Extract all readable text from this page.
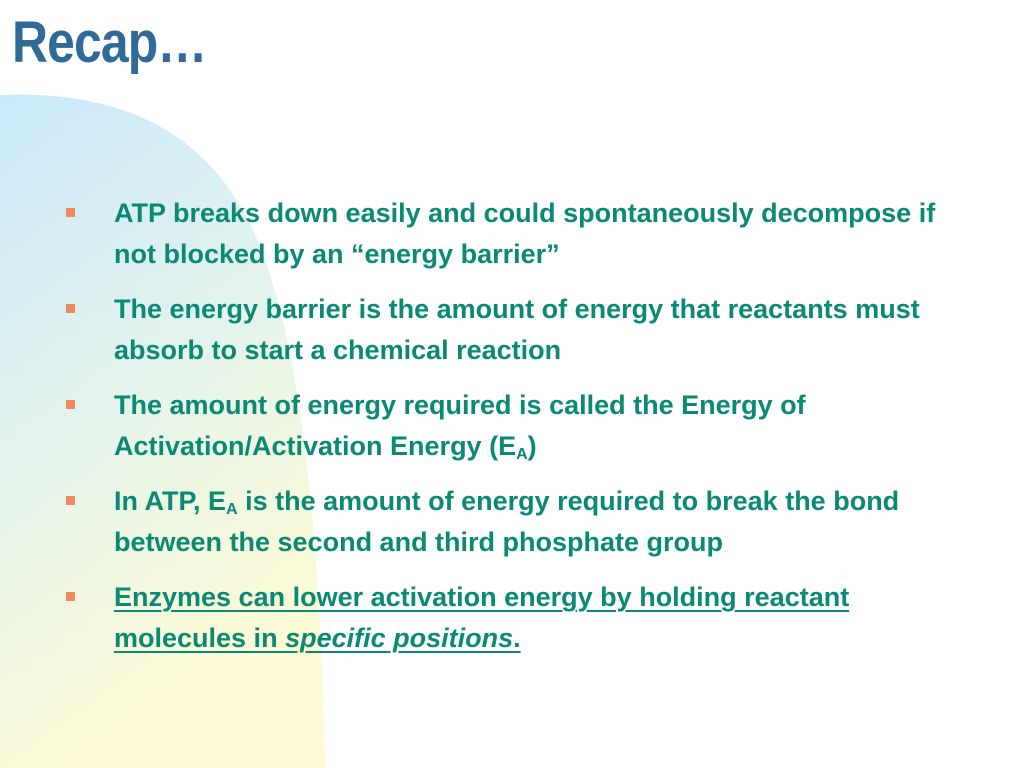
Recap…
ATP breaks down easily and could spontaneously decompose if not blocked by an “energy barrier”
The energy barrier is the amount of energy that reactants must absorb to start a chemical reaction
The amount of energy required is called the Energy of Activation/Activation Energy $(E_A)$
In ATP, $E_A$ is the amount of energy required to break the bond between the second and third phosphate group
Enzymes can lower activation energy by holding reactant molecules in specific positions.
